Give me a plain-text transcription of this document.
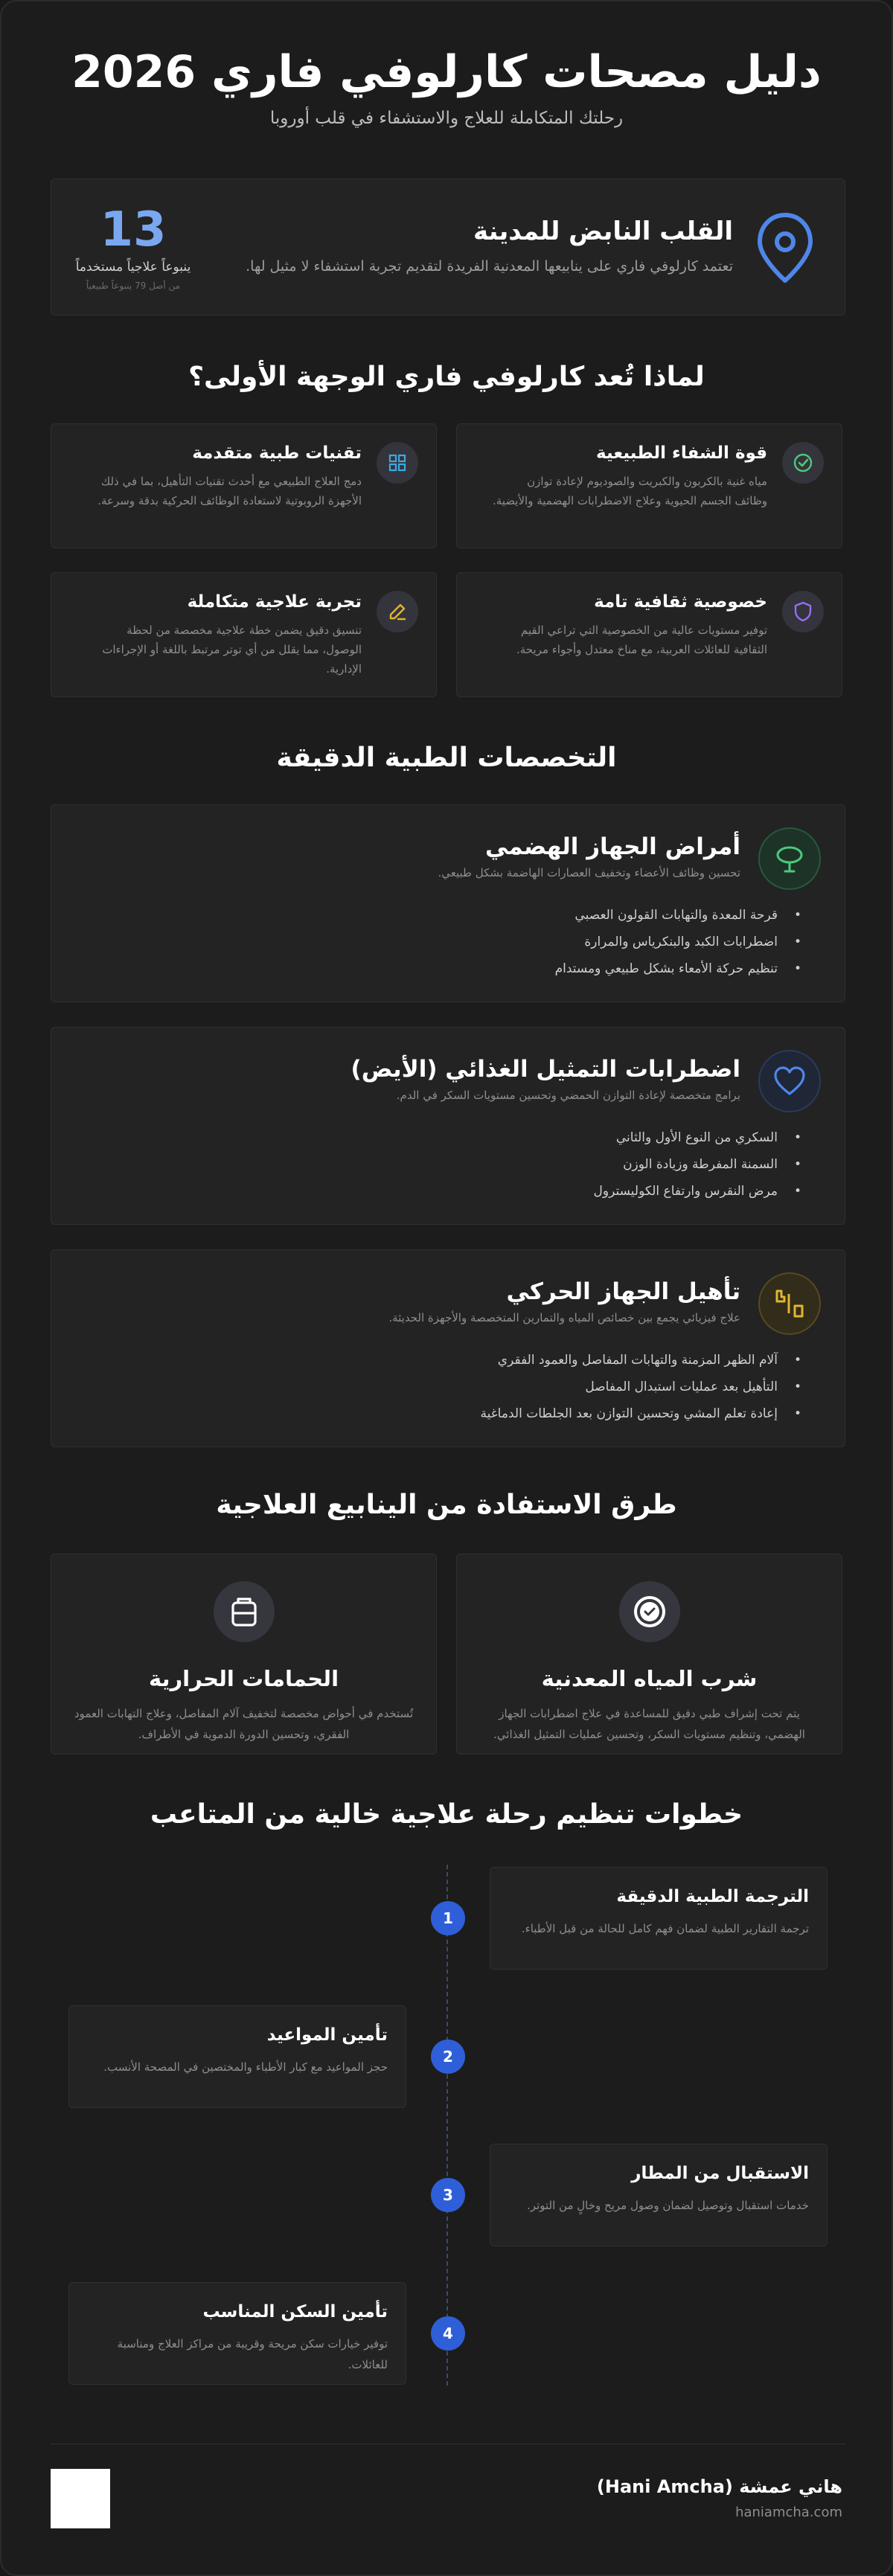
دليل مصحات كارلوفي فاري 2026

رحلتك المتكاملة للعلاج والاستشفاء في قلب أوروبا

القلب النابض للمدينة
تعتمد كارلوفي فاري على ينابيعها المعدنية الفريدة لتقديم تجربة استشفاء لا مثيل لها.
13
ينبوعاً علاجياً مستخدماً
من أصل 79 ينبوعاً طبيعياً
لماذا تُعد كارلوفي فاري الوجهة الأولى؟
قوة الشفاء الطبيعية
مياه غنية بالكربون والكبريت والصوديوم لإعادة توازن وظائف الجسم الحيوية وعلاج الاضطرابات الهضمية والأيضية.
تقنيات طبية متقدمة
دمج العلاج الطبيعي مع أحدث تقنيات التأهيل، بما في ذلك الأجهزة الروبوتية لاستعادة الوظائف الحركية بدقة وسرعة.
خصوصية ثقافية تامة
توفير مستويات عالية من الخصوصية التي تراعي القيم الثقافية للعائلات العربية، مع مناخ معتدل وأجواء مريحة.
تجربة علاجية متكاملة
تنسيق دقيق يضمن خطة علاجية مخصصة من لحظة الوصول، مما يقلل من أي توتر مرتبط باللغة أو الإجراءات الإدارية.
التخصصات الطبية الدقيقة
أمراض الجهاز الهضمي
تحسين وظائف الأعضاء وتخفيف العصارات الهاضمة بشكل طبيعي.
• قرحة المعدة والتهابات القولون العصبي
• اضطرابات الكبد والبنكرياس والمرارة
• تنظيم حركة الأمعاء بشكل طبيعي ومستدام
اضطرابات التمثيل الغذائي (الأيض)
برامج متخصصة لإعادة التوازن الحمضي وتحسين مستويات السكر في الدم.
• السكري من النوع الأول والثاني
• السمنة المفرطة وزيادة الوزن
• مرض النقرس وارتفاع الكوليسترول
تأهيل الجهاز الحركي
علاج فيزيائي يجمع بين خصائص المياه والتمارين المتخصصة والأجهزة الحديثة.
• آلام الظهر المزمنة والتهابات المفاصل والعمود الفقري
• التأهيل بعد عمليات استبدال المفاصل
• إعادة تعلم المشي وتحسين التوازن بعد الجلطات الدماغية
طرق الاستفادة من الينابيع العلاجية
شرب المياه المعدنية
يتم تحت إشراف طبي دقيق للمساعدة في علاج اضطرابات الجهاز الهضمي، وتنظيم مستويات السكر، وتحسين عمليات التمثيل الغذائي.
الحمامات الحرارية
تُستخدم في أحواض مخصصة لتخفيف آلام المفاصل، وعلاج التهابات العمود الفقري، وتحسين الدورة الدموية في الأطراف.
خطوات تنظيم رحلة علاجية خالية من المتاعب
1
الترجمة الطبية الدقيقة
ترجمة التقارير الطبية لضمان فهم كامل للحالة من قبل الأطباء.
2
تأمين المواعيد
حجز المواعيد مع كبار الأطباء والمختصين في المصحة الأنسب.
3
الاستقبال من المطار
خدمات استقبال وتوصيل لضمان وصول مريح وخالٍ من التوتر.
4
تأمين السكن المناسب
توفير خيارات سكن مريحة وقريبة من مراكز العلاج ومناسبة للعائلات.
هاني عمشة (Hani Amcha)
haniamcha.com
